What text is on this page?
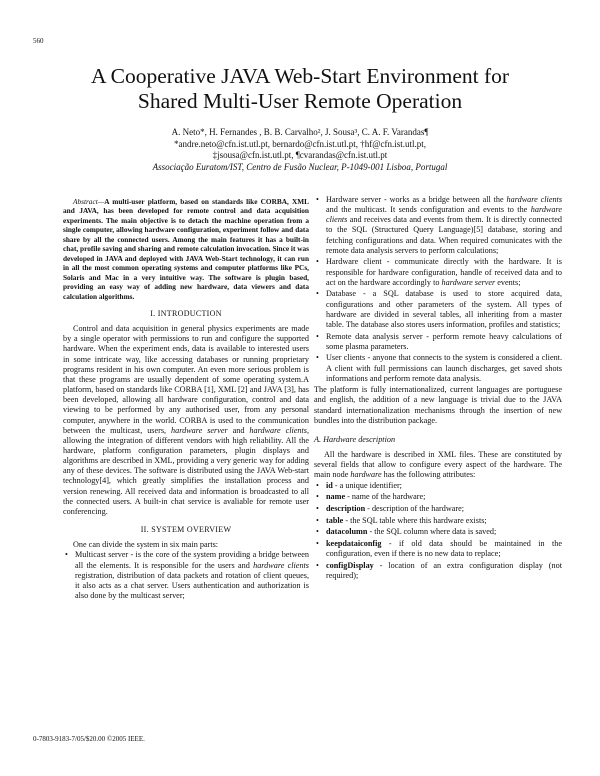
560
A Cooperative JAVA Web-Start Environment for
Shared Multi-User Remote Operation
A. Neto*, H. Fernandes , B. B. Carvalho², J. Sousa³, C. A. F. Varandas¶
*andre.neto@cfn.ist.utl.pt, bernardo@cfn.ist.utl.pt, †hf@cfn.ist.utl.pt,
‡jsousa@cfn.ist.utl.pt, ¶cvarandas@cfn.ist.utl.pt
Associação Euratom/IST, Centro de Fusão Nuclear, P-1049-001 Lisboa, Portugal

Abstract—A multi-user platform, based on standards like CORBA, XML and JAVA, has been developed for remote control and data acquisition experiments. The main objective is to detach the machine operation from a single computer, allowing hardware configuration, experiment follow and data share by all the connected users. Among the main features it has a built-in chat, profile saving and sharing and remote calculation invocation. Since it was developed in JAVA and deployed with JAVA Web-Start technology, it can run in all the most common operating systems and computer platforms like PCs, Solaris and Mac in a very intuitive way. The software is plugin based, providing an easy way of adding new hardware, data viewers and data calculation algorithms.

I. INTRODUCTION

Control and data acquisition in general physics experiments are made by a single operator with permissions to run and configure the supported hardware. When the experiment ends, data is available to interested users in some intricate way, like accessing databases or running proprietary programs resident in his own computer. An even more serious problem is that these programs are usually dependent of some operating system.A platform, based on standards like CORBA [1], XML [2] and JAVA [3], has been developed, allowing all hardware configuration, control and data viewing to be performed by any authorised user, from any personal computer, anywhere in the world. CORBA is used to the communication between the multicast, users, hardware server and hardware clients, allowing the integration of different vendors with high reliability. All the hardware, platform configuration parameters, plugin displays and algorithms are described in XML, providing a very generic way for adding any of these devices. The software is distributed using the JAVA Web-start technology[4], which greatly simplifies the installation process and version renewing. All received data and information is broadcasted to all the connected users. A built-in chat service is avaliable for remote user conferencing.

II. SYSTEM OVERVIEW

One can divide the system in six main parts:

• Multicast server - is the core of the system providing a bridge between all the elements. It is responsible for the users and hardware clients registration, distribution of data packets and rotation of client queues, it also acts as a chat server. Users authentication and authorization is also done by the multicast server;
• Hardware server - works as a bridge between all the hardware clients and the multicast. It sends configuration and events to the hardware clients and receives data and events from them. It is directly connected to the SQL (Structured Query Language)[5] database, storing and fetching configurations and data. When required comunicates with the remote data analysis servers to perform calculations;
• Hardware client - communicate directly with the hardware. It is responsible for hardware configuration, handle of received data and to act on the hardware accordingly to hardware server events;
• Database - a SQL database is used to store acquired data, configurations and other parameters of the system. All types of hardware are divided in several tables, all inheriting from a master table. The database also stores users information, profiles and statistics;
• Remote data analysis server - perform remote heavy calculations of some plasma parameters.
• User clients - anyone that connects to the system is considered a client. A client with full permissions can launch discharges, get saved shots informations and perform remote data analysis.

The platform is fully internationalized, current languages are portuguese and english, the addition of a new language is trivial due to the JAVA standard internationalization mechanisms through the insertion of new bundles into the distribution package.

A. Hardware description

All the hardware is described in XML files. These are constituted by several fields that allow to configure every aspect of the hardware. The main node hardware has the following attributes:

• id - a unique identifier;
• name - name of the hardware;
• description - description of the hardware;
• table - the SQL table where this hardware exists;
• datacolumn - the SQL column where data is saved;
• keepdataiconfig - if old data should be maintained in the configuration, even if there is no new data to replace;
• configDisplay - location of an extra configuration display (not required);
0-7803-9183-7/05/$20.00 ©2005 IEEE.
